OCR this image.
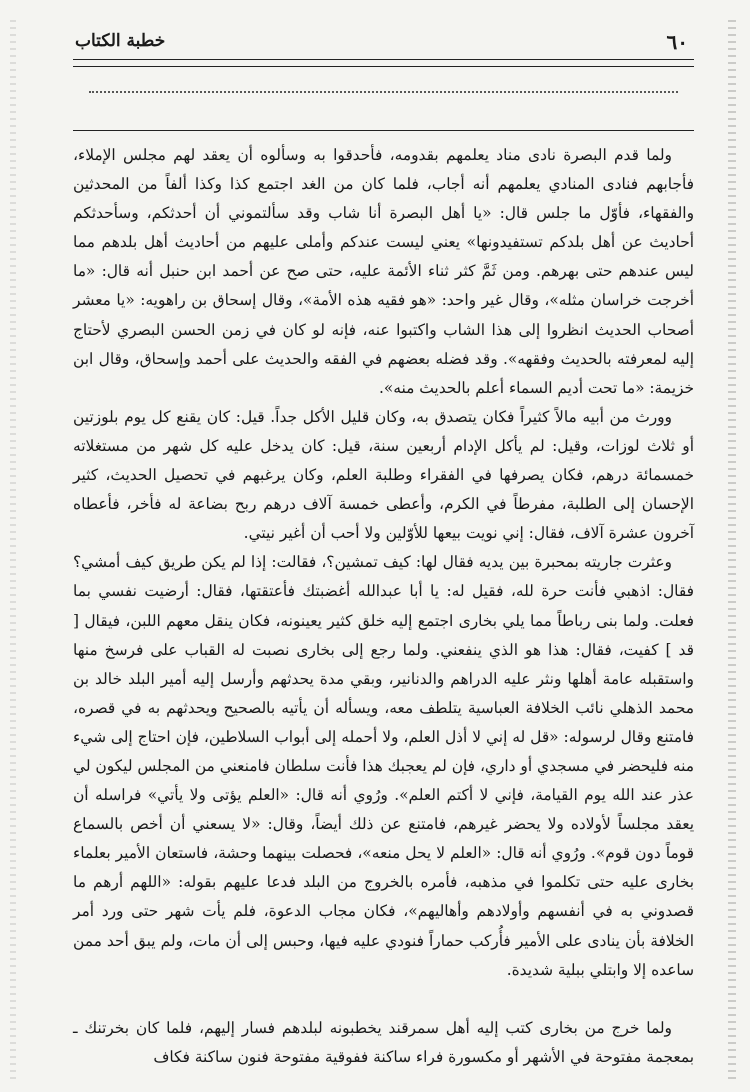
٦٠
خطبة الكتاب

ولما قدم البصرة نادى مناد يعلمهم بقدومه، فأحدقوا به وسألوه أن يعقد لهم مجلس الإملاء، فأجابهم فنادى المنادي يعلمهم أنه أجاب، فلما كان من الغد اجتمع كذا وكذا ألفاً من المحدثين والفقهاء، فأوّل ما جلس قال: «يا أهل البصرة أنا شاب وقد سألتموني أن أحدثكم، وسأحدثكم أحاديث عن أهل بلدكم تستفيدونها» يعني ليست عندكم وأملى عليهم من أحاديث أهل بلدهم مما ليس عندهم حتى بهرهم. ومن ثَمَّ كثر ثناء الأئمة عليه، حتى صح عن أحمد ابن حنبل أنه قال: «ما أخرجت خراسان مثله»، وقال غير واحد: «هو فقيه هذه الأمة»، وقال إسحاق بن راهويه: «يا معشر أصحاب الحديث انظروا إلى هذا الشاب واكتبوا عنه، فإنه لو كان في زمن الحسن البصري لأحتاج إليه لمعرفته بالحديث وفقهه». وقد فضله بعضهم في الفقه والحديث على أحمد وإسحاق، وقال ابن خزيمة: «ما تحت أديم السماء أعلم بالحديث منه».

وورث من أبيه مالاً كثيراً فكان يتصدق به، وكان قليل الأكل جداً. قيل: كان يقنع كل يوم بلوزتين أو ثلاث لوزات، وقيل: لم يأكل الإدام أربعين سنة، قيل: كان يدخل عليه كل شهر من مستغلاته خمسمائة درهم، فكان يصرفها في الفقراء وطلبة العلم، وكان يرغبهم في تحصيل الحديث، كثير الإحسان إلى الطلبة، مفرطاً في الكرم، وأعطى خمسة آلاف درهم ربح بضاعة له فأخر، فأعطاه آخرون عشرة آلاف، فقال: إني نويت بيعها للأوّلين ولا أحب أن أغير نيتي.

وعثرت جاريته بمحبرة بين يديه فقال لها: كيف تمشين؟، فقالت: إذا لم يكن طريق كيف أمشي؟ فقال: اذهبي فأنت حرة لله، فقيل له: يا أبا عبدالله أغضبتك فأعتقتها، فقال: أرضيت نفسي بما فعلت. ولما بنى رباطاً مما يلي بخارى اجتمع إليه خلق كثير يعينونه، فكان ينقل معهم اللبن، فيقال [ قد ] كفيت، فقال: هذا هو الذي ينفعني. ولما رجع إلى بخارى نصبت له القباب على فرسخ منها واستقبله عامة أهلها ونثر عليه الدراهم والدنانير، وبقي مدة يحدثهم وأرسل إليه أمير البلد خالد بن محمد الذهلي نائب الخلافة العباسية يتلطف معه، ويسأله أن يأتيه بالصحيح ويحدثهم به في قصره، فامتنع وقال لرسوله: «قل له إني لا أذل العلم، ولا أحمله إلى أبواب السلاطين، فإن احتاج إلى شيء منه فليحضر في مسجدي أو داري، فإن لم يعجبك هذا فأنت سلطان فامنعني من المجلس ليكون لي عذر عند الله يوم القيامة، فإني لا أكتم العلم». ورُوي أنه قال: «العلم يؤتى ولا يأتي» فراسله أن يعقد مجلساً لأولاده ولا يحضر غيرهم، فامتنع عن ذلك أيضاً، وقال: «لا يسعني أن أخص بالسماع قوماً دون قوم». ورُوي أنه قال: «العلم لا يحل منعه»، فحصلت بينهما وحشة، فاستعان الأمير بعلماء بخارى عليه حتى تكلموا في مذهبه، فأمره بالخروج من البلد فدعا عليهم بقوله: «اللهم أرهم ما قصدوني به في أنفسهم وأولادهم وأهاليهم»، فكان مجاب الدعوة، فلم يأت شهر حتى ورد أمر الخلافة بأن ينادى على الأمير فأُركب حماراً فنودي عليه فيها، وحبس إلى أن مات، ولم يبق أحد ممن ساعده إلا وابتلي ببلية شديدة.

ولما خرج من بخارى كتب إليه أهل سمرقند يخطبونه لبلدهم فسار إليهم، فلما كان بخرتنك ـ بمعجمة مفتوحة في الأشهر أو مكسورة فراء ساكنة ففوقية مفتوحة فنون ساكنة فكاف
